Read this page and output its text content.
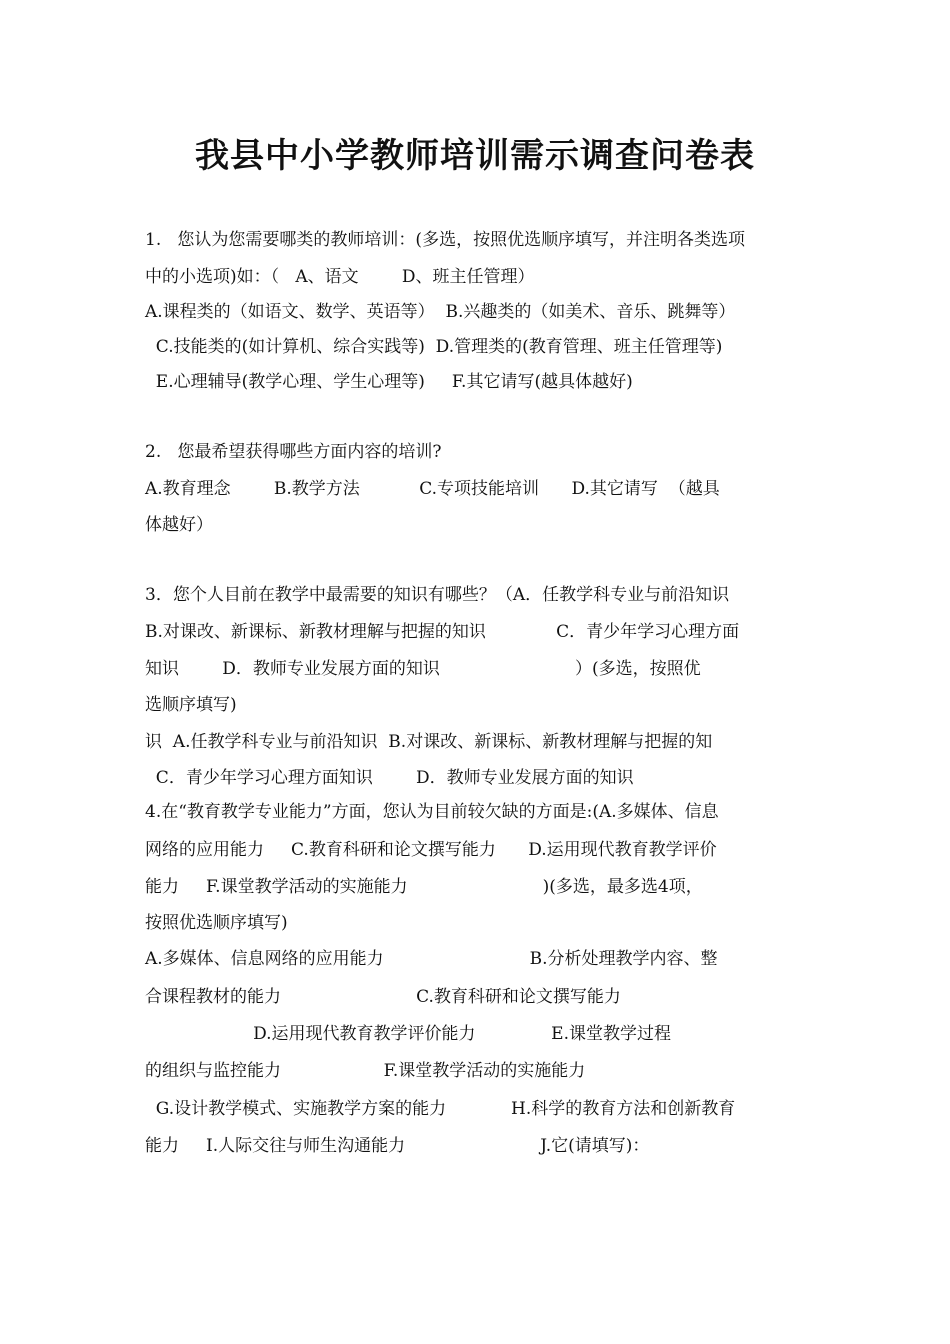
我县中小学教师培训需示调查问卷表
1.   您认为您需要哪类的教师培训：(多选，按照优选顺序填写，并注明各类选项
中的小选项)如：（   A、语文        D、班主任管理）
A.课程类的（如语文、数学、英语等）  B.兴趣类的（如美术、音乐、跳舞等）
C.技能类的(如计算机、综合实践等)  D.管理类的(教育管理、班主任管理等)
E.心理辅导(教学心理、学生心理等)     F.其它请写(越具体越好)
2.   您最希望获得哪些方面内容的培训?
A.教育理念        B.教学方法           C.专项技能培训      D.其它请写  （越具
体越好）
3．您个人目前在教学中最需要的知识有哪些？（A．任教学科专业与前沿知识
B.对课改、新课标、新教材理解与把握的知识             C．青少年学习心理方面
知识        D．教师专业发展方面的知识                         ）(多选，按照优
选顺序填写)
识  A.任教学科专业与前沿知识  B.对课改、新课标、新教材理解与把握的知
C．青少年学习心理方面知识        D．教师专业发展方面的知识
4.在“教育教学专业能力”方面，您认为目前较欠缺的方面是:(A.多媒体、信息
网络的应用能力     C.教育科研和论文撰写能力      D.运用现代教育教学评价
能力     F.课堂教学活动的实施能力                         )(多选，最多选4项，
按照优选顺序填写)
A.多媒体、信息网络的应用能力                           B.分析处理教学内容、整
合课程教材的能力                         C.教育科研和论文撰写能力
D.运用现代教育教学评价能力              E.课堂教学过程
的组织与监控能力                   F.课堂教学活动的实施能力
G.设计教学模式、实施教学方案的能力            H.科学的教育方法和创新教育
能力     I.人际交往与师生沟通能力                         J.它(请填写)：
